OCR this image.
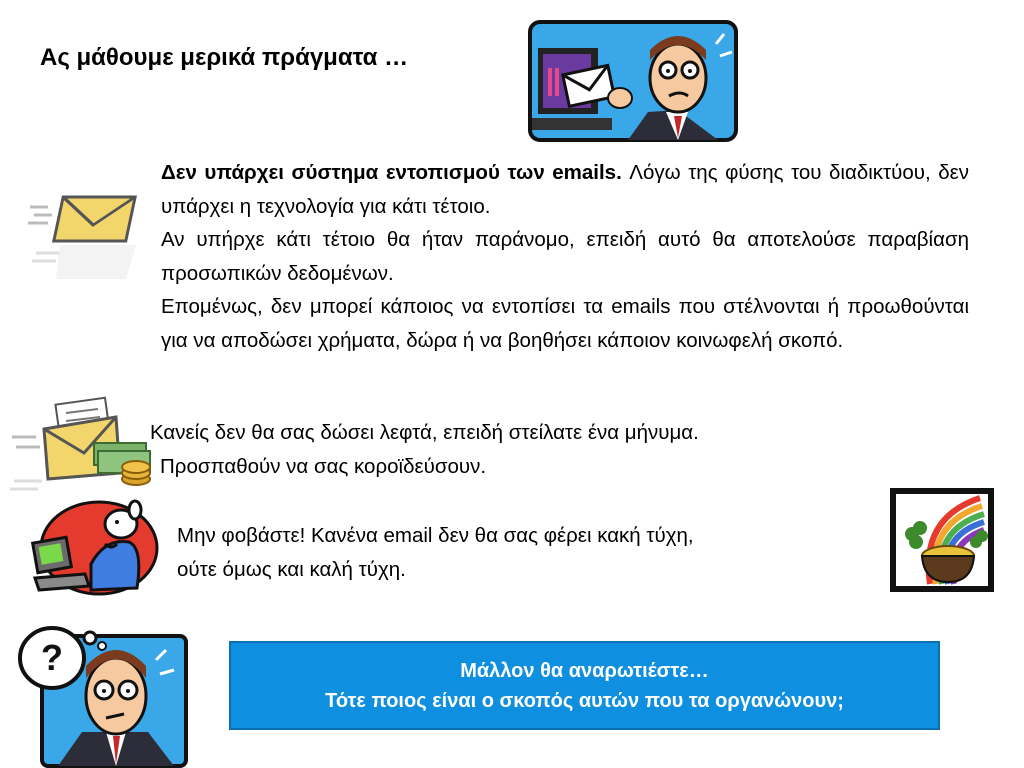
Ας μάθουμε μερικά πράγματα …

Δεν υπάρχει σύστημα εντοπισμού των emails. Λόγω της φύσης του διαδικτύου, δεν υπάρχει η τεχνολογία για κάτι τέτοιο.

Αν υπήρχε κάτι τέτοιο θα ήταν παράνομο, επειδή αυτό θα αποτελούσε παραβίαση προσωπικών δεδομένων.

Επομένως, δεν μπορεί κάποιος να εντοπίσει τα emails που στέλνονται ή προωθούνται για να αποδώσει χρήματα, δώρα ή να βοηθήσει κάποιον κοινωφελή σκοπό.

Κανείς δεν θα σας δώσει λεφτά, επειδή στείλατε ένα μήνυμα.
Προσπαθούν να σας κοροϊδεύσουν.
Μην φοβάστε! Κανένα email δεν θα σας φέρει κακή τύχη,
ούτε όμως και καλή τύχη.
?	Μάλλον θα αναρωτιέστε…
Τότε ποιος είναι ο σκοπός αυτών που τα οργανώνουν;
